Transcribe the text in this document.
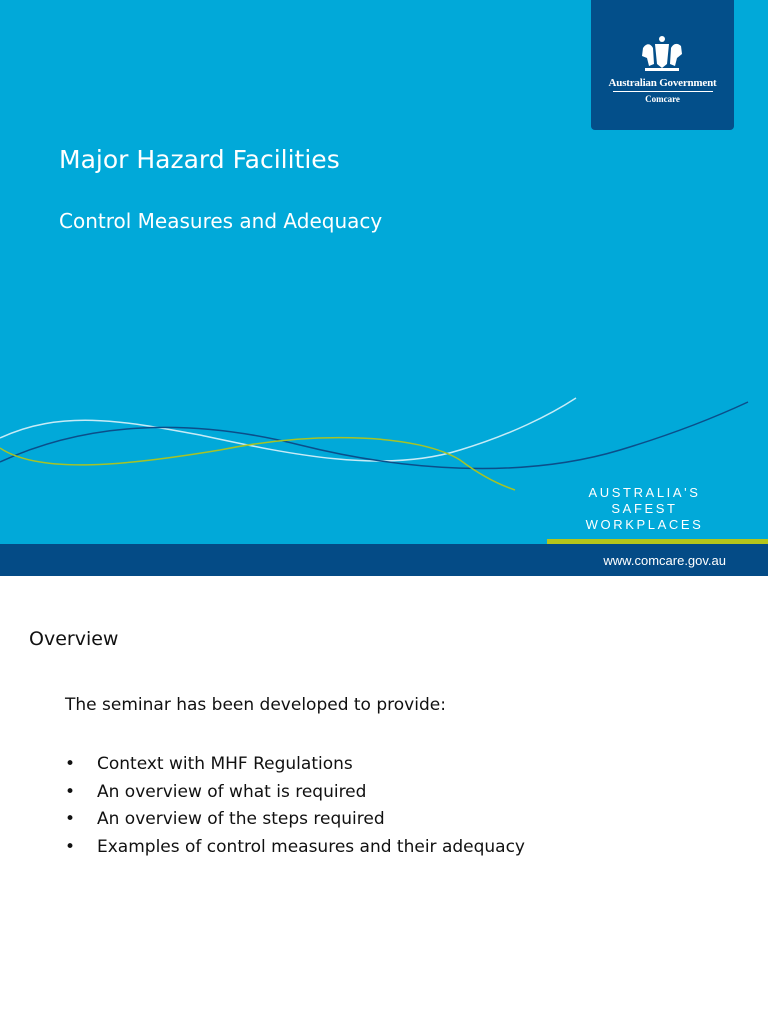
Australian Government
Comcare
Major Hazard Facilities
Control Measures and Adequacy
AUSTRALIA'S
SAFEST
WORKPLACES
www.comcare.gov.au
Overview
The seminar has been developed to provide:
•	Context with MHF Regulations
•	An overview of what is required
•	An overview of the steps required
•	Examples of control measures and their adequacy
